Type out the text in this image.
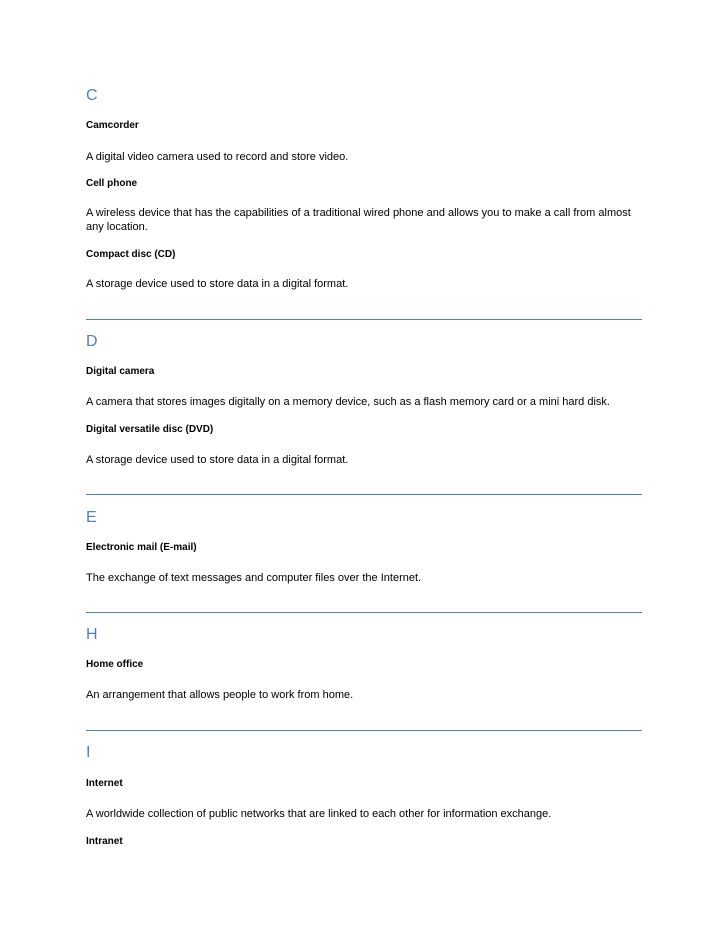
C
Camcorder
A digital video camera used to record and store video.
Cell phone
A wireless device that has the capabilities of a traditional wired phone and allows you to make a call from almost any location.
Compact disc (CD)
A storage device used to store data in a digital format.
D
Digital camera
A camera that stores images digitally on a memory device, such as a flash memory card or a mini hard disk.
Digital versatile disc (DVD)
A storage device used to store data in a digital format.
E
Electronic mail (E-mail)
The exchange of text messages and computer files over the Internet.
H
Home office
An arrangement that allows people to work from home.
I
Internet
A worldwide collection of public networks that are linked to each other for information exchange.
Intranet
